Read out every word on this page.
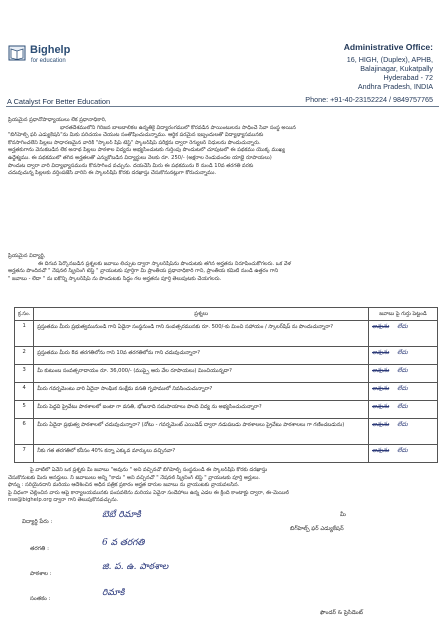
Bighelp
for education
A Catalyst For Better Education
Administrative Office:
16, HIGH, (Duplex), APHB,
Balajinagar, Kukatpally
Hyderabad - 72
Andhra Pradesh, INDIA
Phone: +91-40-23152224 / 9849757765
ప్రియమైన ప్రధానోపాధ్యాయులు లేక ప్రధానాధికారి,
భారతదేశములోని గిరిజన బాలబాలికల ఉన్నతికై విద్యారంగములో కొరవడిన పాయింటులను సాధించే సేవా సంస్థ అయిన
"బిగ్‌హెల్ప్ ఫర్ ఎడ్యుకేషన్"ను మీకు పరిచయం చేయుట సంతోషించుచున్నాము. ఆర్థిక పరమైన ఇబ్బందులతో విద్యాభ్యాసమునకు
కొనసాగించలేని పిల్లలు సాధారణమైన వారికి "స్కాలర్ షిప్ టెస్ట్" స్కాలర్‌షిప్ పరీక్షను ద్వారా రెగ్యులర్ నిధులను పొందుచున్నారు.
అర్హతకుగాను వెనుకబడిన లేక అనాథ పిల్లలు పాఠశాల విద్యను అభ్యసించుటకు గుర్తింపు పొందుటలో చూపుటలో ఈ పథకము యొక్క ముఖ్య
ఉద్దేశ్యము. ఈ పథకములో తగిన అర్హతలతో ఎన్నుకోబడిన విద్యార్థులు నెలకు రూ. 250/- (అక్షరాల రెండువందల యాభై రూపాయలు)
పొందుట ద్వారా వారి విద్యాభ్యాసమును కొనసాగించ వచ్చును. దయచేసి మీరు ఈ పథకమును 8 నుండి 10వ తరగతి వరకు
చదువుచున్న పిల్లలకు వర్తింపజేసి వారిని ఈ స్కాలర్‌షిప్ కొరకు దరఖాస్తు చేసుకొనునట్లుగా కోరుచున్నాము.
ప్రియమైన విద్యార్థి,
ఈ దిగువ పేర్కొనబడిన ప్రశ్నలకు జవాబు లిచ్చుట ద్వారా స్కాలర్‌షిప్‌ను పొందుటకు తగిన అర్హతను నిరూపించుకోగలరు. ఒక వేళ
అర్హతను పొందినచో " నేషనల్ స్క్రీనింగ్ టెస్ట్ " వ్రాయుటకు పూర్తిగా మీ ప్రాంతీయ ప్రధానాధికారి గాని, ప్రాంతీయ కమిటీ నుండి ఉత్తరం గాని
" జవాబు - లేదా " ను ఐకొన్ని స్కాలర్‌షిప్ ను పొందుటకు సిద్ధం గల అర్హతను పూర్తి తెలుపుటకు చేయగలరు.
క్ర.సం.	ప్రశ్నలు	జవాబు పై గుర్తు పెట్టండి
1	ప్రస్తుతము మీరు ప్రభుత్వమునుండి గాని ఏదైనా సంస్థనుండి గాని సంవత్సరమునకు రూ. 500/-కు మించి సహాయం / స్కాలర్‌షిప్ ను పొందుచున్నారా?	అవును లేదు
2	ప్రస్తుతము మీరు 8వ తరగతిలోను గాని 10వ తరగతిలోను గాని చదువుచున్నారా?	అవును లేదు
3	మీ కుటుంబ సంవత్సరాదాయం రూ. 36,000/- (ముప్పై ఆరు వేల రూపాయలు) మించియున్నదా?	అవును లేదు
4	మీరు గవర్నమెంటు వారి ఏదైనా సాంఘిక సంక్షేమ వసతి గృహములో నివసించుచున్నారా?	అవును లేదు
5	మీరు పెద్దవి ప్రైవేటు పాఠశాలలో ఐంటా గా వసతి, భోజనాది సదుపాయాలు పొంది విద్య ను అభ్యసించుచున్నారా?	అవును లేదు
6	మీరు ఏదైనా ప్రభుత్వ పాఠశాలలో చదువుచున్నారా? (నోటు - గవర్నమెంట్ ఎయిడెడ్ ద్వారా నడుపబడు పాఠశాలలు ప్రైవేటు పాఠశాలలు గా గణించబడును)	అవును లేదు
7	నీకు గత తరగతిలో కనీసం 40% కన్నా ఎక్కువ మార్కులు వచ్చినవా?	అవును లేదు
పై వాటిలో ఏవేని ఒక ప్రశ్నకు మీ జవాబు "అవును " అని వచ్చినచో బిగ్‌హెల్ప్ సంస్థనుండి ఈ స్కాలర్‌షిప్ కొరకు దరఖాస్తు
చేసుకొనుటకు మీరు అనర్హులు. నీ జవాబులు అన్ని "కాదు " అని వచ్చినచో " నేషనల్ స్క్రీనింగ్ టెస్ట్ " వ్రాయుటకు పూర్తి అర్హులు.
ఫొన్ను : సరియైనదాని మరియు ఆదేశించిన అధీన పత్రిక ప్రకారం అర్హత దారుల జవాబు ను వ్రాయుటకు వ్రాయవలసిన.
పై విధంగా చెల్లించిన వారు ఆపై కార్యాలయమునకు పంపవలెను మరియు ఏవైనా సందేహాలు ఉన్న ఎడల ఈ క్రింది కాంటాక్టు ద్వారా, ఈ-మెయిల్
nse@bighelp.org ద్వారా గాని తెలుపుకొనవచ్చును.
విద్యార్థి పేరు :
బెబే రిమాకి
తరగతి :
6 వ తరగతి
పాఠశాల :
జి. ప. ఉ. పాఠశాల
సంతకం :
రిమాకి
మీ
బిగ్‌హెల్ప్ ఫర్ ఎడ్యుకేషన్
ఫౌండర్ & ప్రెసిడెంట్
